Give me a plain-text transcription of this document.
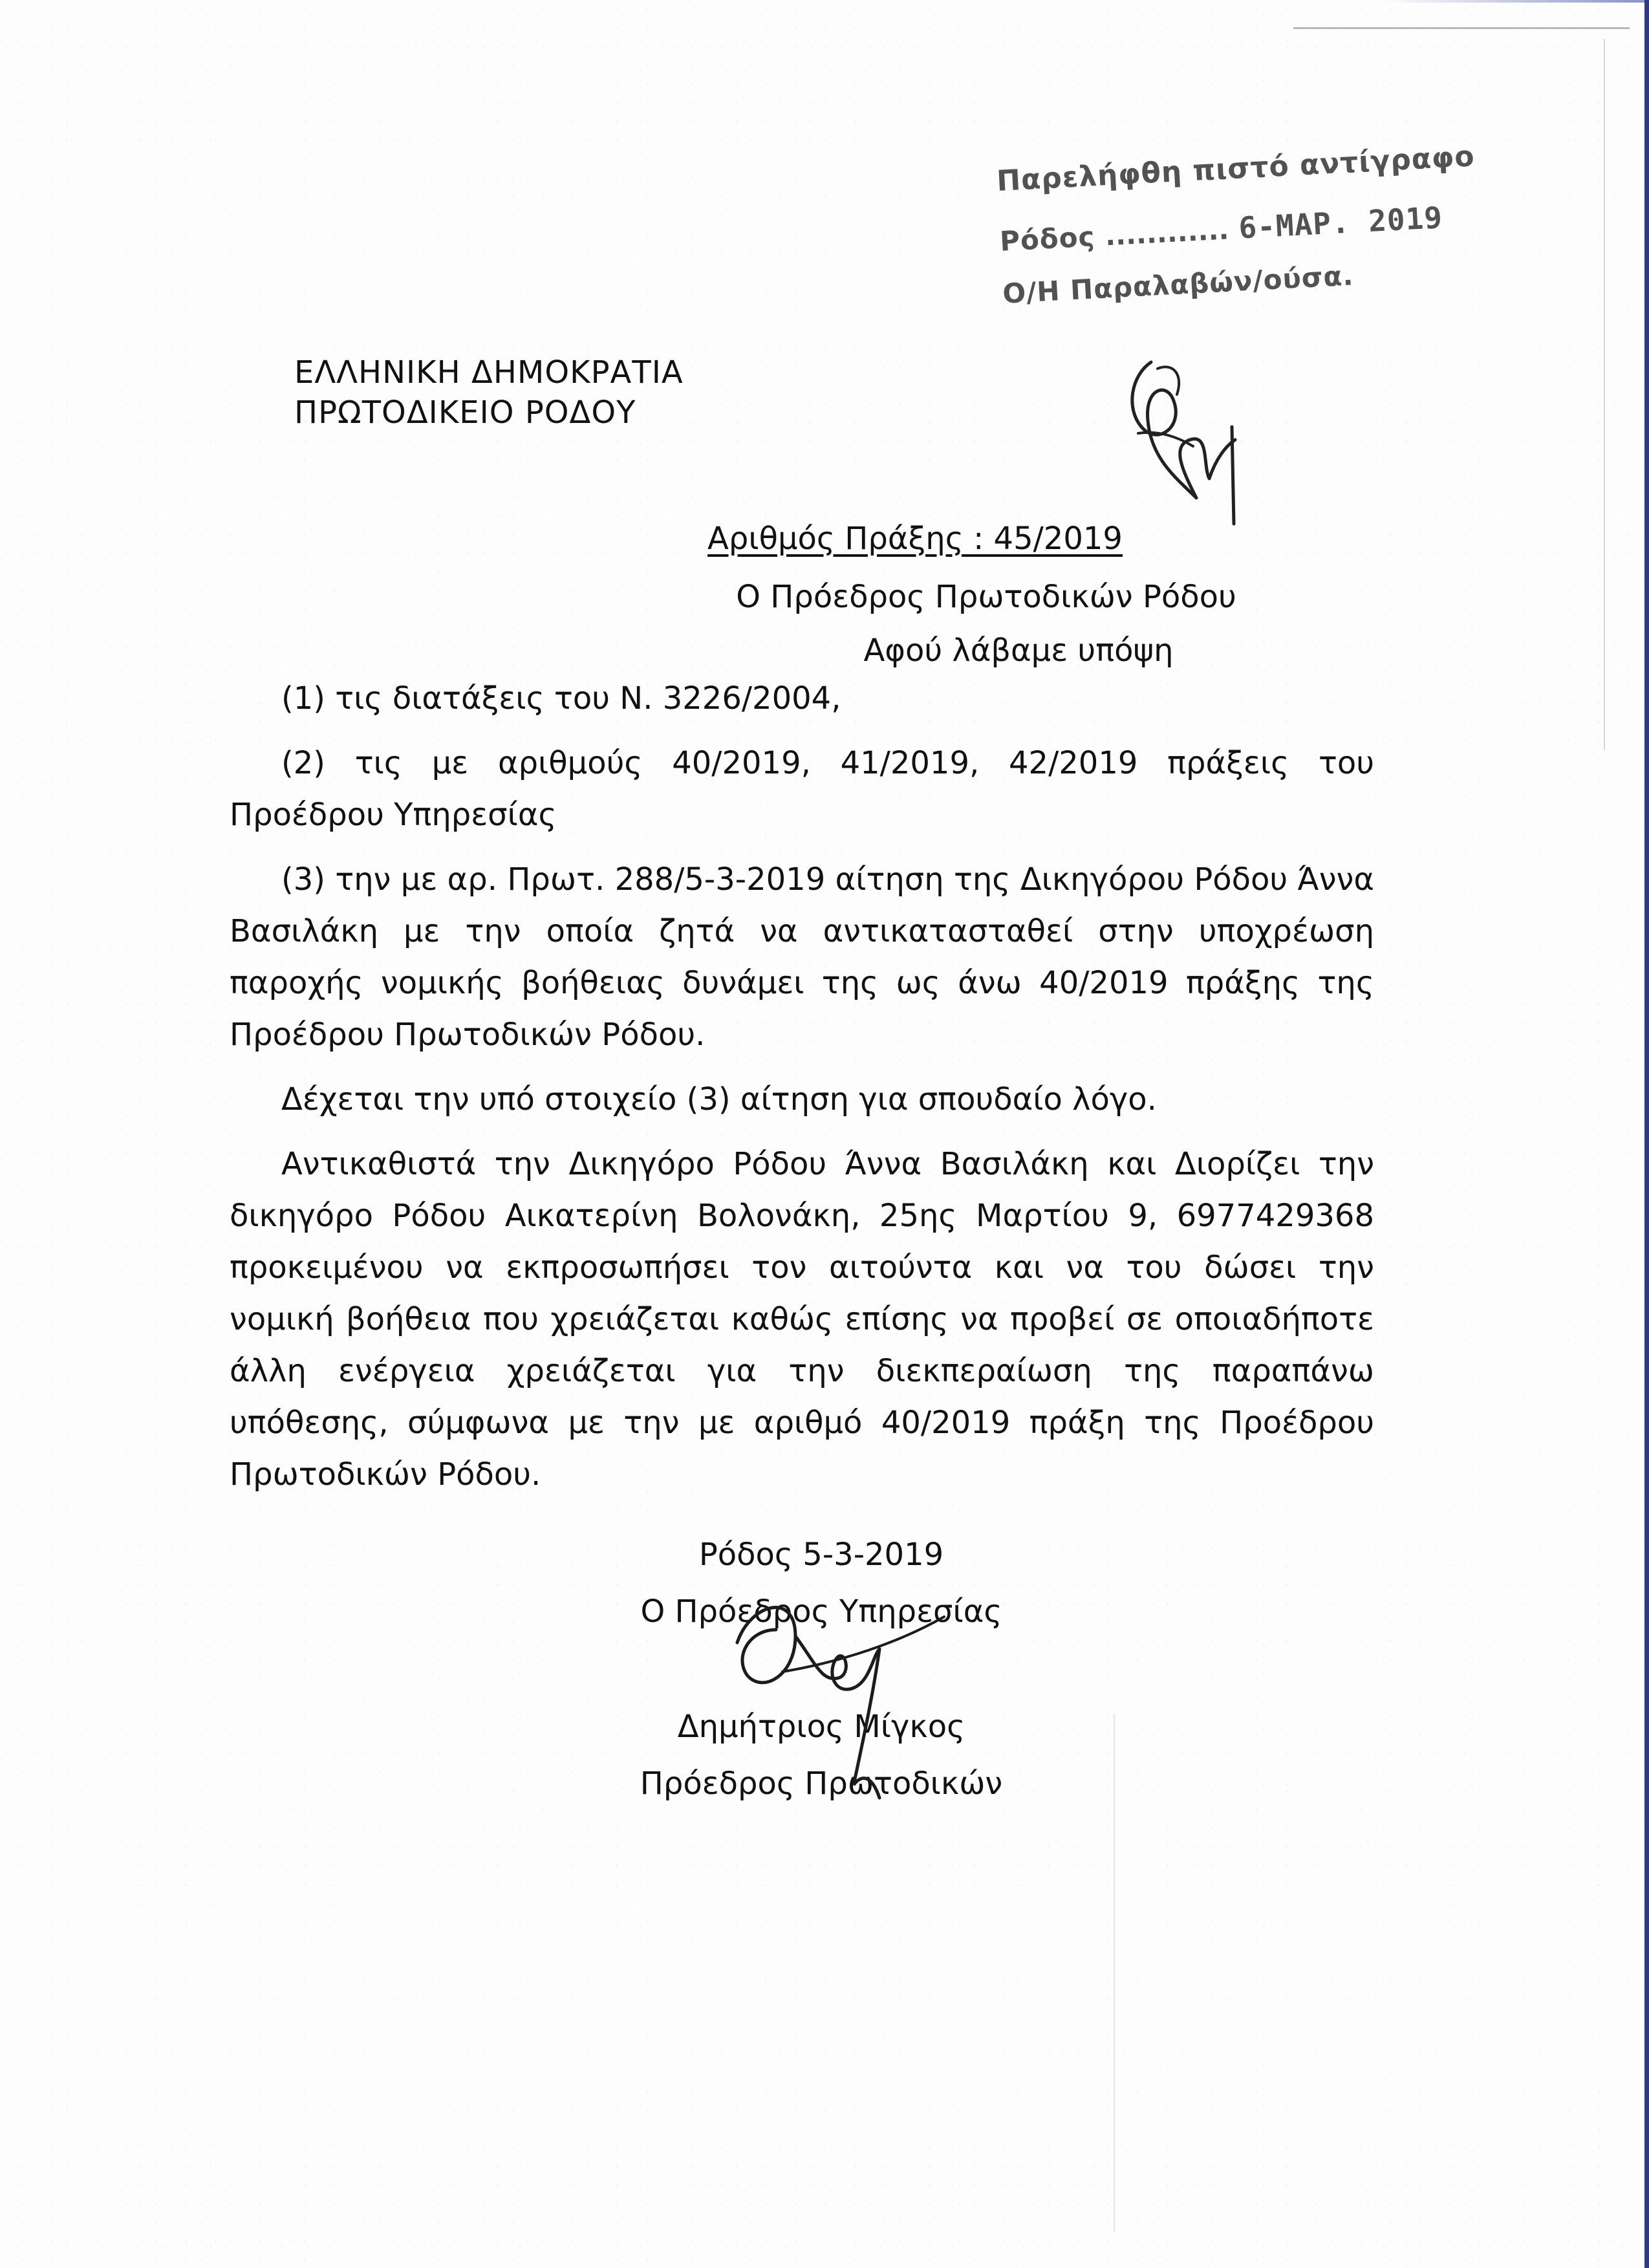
Παρελήφθη πιστό αντίγραφο
Ρόδος ............ 6-ΜΑΡ. 2019
Ο/Η Παραλαβών/ούσα.
ΕΛΛΗΝΙΚΗ ΔΗΜΟΚΡΑΤΙΑ
ΠΡΩΤΟΔΙΚΕΙΟ ΡΟΔΟΥ
Αριθμός Πράξης : 45/2019
Ο Πρόεδρος Πρωτοδικών Ρόδου
Αφού λάβαμε υπόψη

(1) τις διατάξεις του Ν. 3226/2004,

(2) τις με αριθμούς 40/2019, 41/2019, 42/2019 πράξεις του Προέδρου Υπηρεσίας

(3) την με αρ. Πρωτ. 288/5-3-2019 αίτηση της Δικηγόρου Ρόδου Άννα Βασιλάκη με την οποία ζητά να αντικατασταθεί στην υποχρέωση παροχής νομικής βοήθειας δυνάμει της ως άνω 40/2019 πράξης της Προέδρου Πρωτοδικών Ρόδου.

Δέχεται την υπό στοιχείο (3) αίτηση για σπουδαίο λόγο.

Αντικαθιστά την Δικηγόρο Ρόδου Άννα Βασιλάκη και Διορίζει την δικηγόρο Ρόδου Αικατερίνη Βολονάκη, 25ης Μαρτίου 9, 6977429368 προκειμένου να εκπροσωπήσει τον αιτούντα και να του δώσει την νομική βοήθεια που χρειάζεται καθώς επίσης να προβεί σε οποιαδήποτε άλλη ενέργεια χρειάζεται για την διεκπεραίωση της παραπάνω υπόθεσης, σύμφωνα με την με αριθμό 40/2019 πράξη της Προέδρου Πρωτοδικών Ρόδου.

Ρόδος 5-3-2019
Ο Πρόεδρος Υπηρεσίας
Δημήτριος Μίγκος
Πρόεδρος Πρωτοδικών
